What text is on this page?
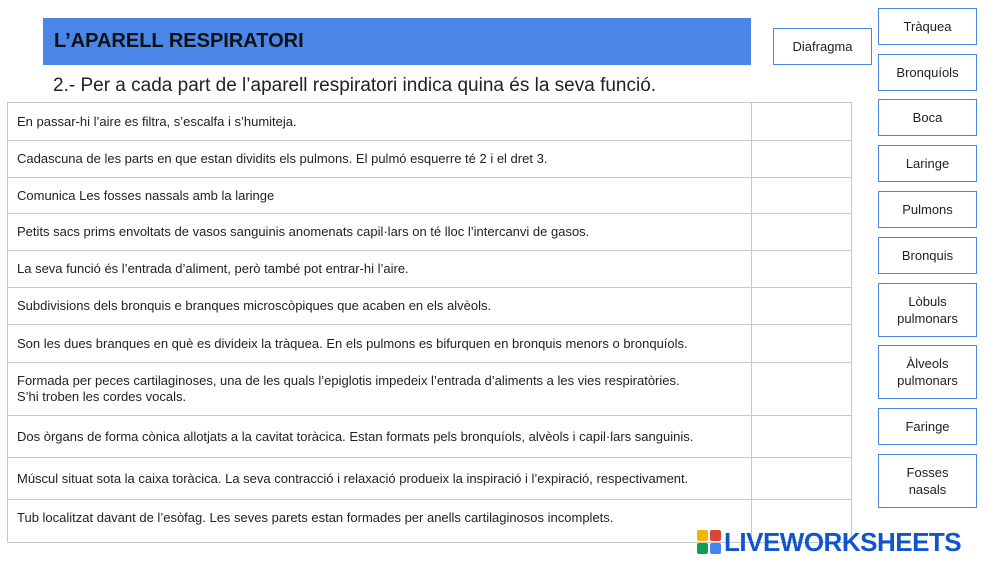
L’APARELL RESPIRATORI
2.- Per a cada part de l’aparell respiratori indica quina és la seva funció.
En passar-hi l’aire es filtra, s’escalfa i s’humiteja.
Cadascuna de les parts en que estan dividits els pulmons. El pulmó esquerre té 2 i el dret 3.
Comunica Les fosses nassals amb la laringe
Petits sacs prims envoltats de vasos sanguinis anomenats capil·lars on té lloc l’intercanvi de gasos.
La seva funció és l’entrada d’aliment, però també pot entrar-hi l’aire.
Subdivisions dels bronquis e branques microscòpiques que acaben en els alvèols.
Son les dues branques en què es divideix la tràquea. En els pulmons es bifurquen en bronquis menors o bronquíols.
Formada per peces cartilaginoses, una de les quals l’epiglotis impedeix l’entrada d’aliments a les vies respiratòries.
S’hi troben les cordes vocals.
Dos òrgans de forma cònica allotjats a la cavitat toràcica. Estan formats pels bronquíols, alvèols i capil·lars sanguinis.
Múscul situat sota la caixa toràcica. La seva contracció i relaxació produeix la inspiració i l’expiració, respectivament.
Tub localitzat davant de l’esòfag. Les seves parets estan formades per anells cartilaginosos incomplets.
Diafragma
Tràquea
Bronquíols
Boca
Laringe
Pulmons
Bronquis
Lòbuls
pulmonars
Àlveols
pulmonars
Faringe
Fosses
nasals
LIVEWORKSHEETS
